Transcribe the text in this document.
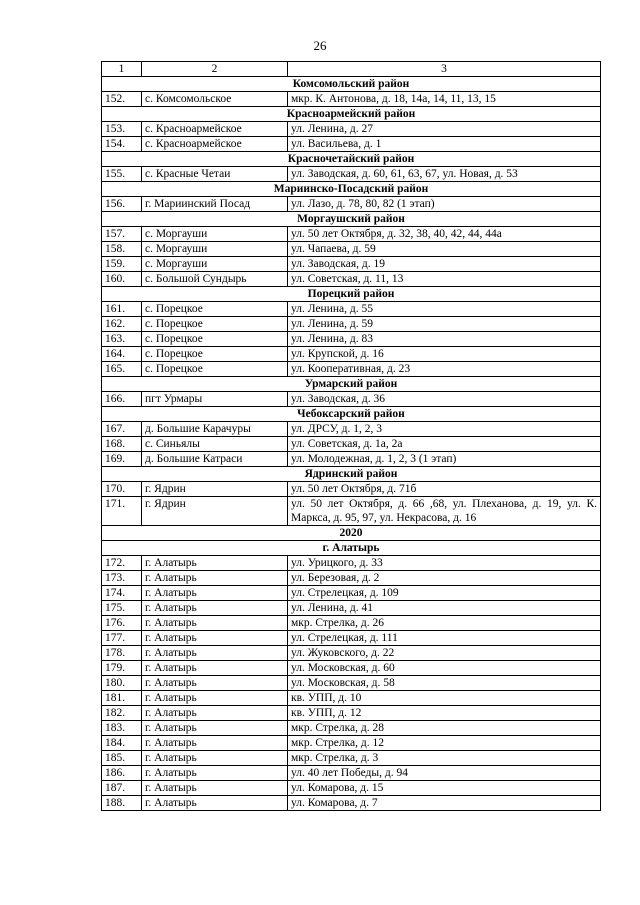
26
1	2	3
Комсомольский район		
152.	с. Комсомольское	мкр. К. Антонова, д. 18, 14а, 14, 11, 13, 15
Красноармейский район		
153.	с. Красноармейское	ул. Ленина, д. 27
154.	с. Красноармейское	ул. Васильева, д. 1
Красночетайский район		
155.	с. Красные Четаи	ул. Заводская, д. 60, 61, 63, 67, ул. Новая, д. 53
Мариинско-Посадский район		
156.	г. Мариинский Посад	ул. Лазо, д. 78, 80, 82 (1 этап)
Моргаушский район		
157.	с. Моргауши	ул. 50 лет Октября, д. 32, 38, 40, 42, 44, 44а
158.	с. Моргауши	ул. Чапаева, д. 59
159.	с. Моргауши	ул. Заводская, д. 19
160.	с. Большой Сундырь	ул. Советская, д. 11, 13
Порецкий район		
161.	с. Порецкое	ул. Ленина, д. 55
162.	с. Порецкое	ул. Ленина, д. 59
163.	с. Порецкое	ул. Ленина, д. 83
164.	с. Порецкое	ул. Крупской, д. 16
165.	с. Порецкое	ул. Кооперативная, д. 23
Урмарский район		
166.	пгт Урмары	ул. Заводская, д. 36
Чебоксарский район		
167.	д. Большие Карачуры	ул. ДРСУ, д. 1, 2, 3
168.	с. Синьялы	ул. Советская, д. 1а, 2а
169.	д. Большие Катраси	ул. Молодежная, д. 1, 2, 3 (1 этап)
Ядринский район		
170.	г. Ядрин	ул. 50 лет Октября, д. 71б
171.	г. Ядрин	ул. 50 лет Октября, д. 66 ,68, ул. Плеханова, д. 19, ул. К. Маркса, д. 95, 97, ул. Некрасова, д. 16
2020		
г. Алатырь		
172.	г. Алатырь	ул. Урицкого, д. 33
173.	г. Алатырь	ул. Березовая, д. 2
174.	г. Алатырь	ул. Стрелецкая, д. 109
175.	г. Алатырь	ул. Ленина, д. 41
176.	г. Алатырь	мкр. Стрелка, д. 26
177.	г. Алатырь	ул. Стрелецкая, д. 111
178.	г. Алатырь	ул. Жуковского, д. 22
179.	г. Алатырь	ул. Московская, д. 60
180.	г. Алатырь	ул. Московская, д. 58
181.	г. Алатырь	кв. УПП, д. 10
182.	г. Алатырь	кв. УПП, д. 12
183.	г. Алатырь	мкр. Стрелка, д. 28
184.	г. Алатырь	мкр. Стрелка, д. 12
185.	г. Алатырь	мкр. Стрелка, д. 3
186.	г. Алатырь	ул. 40 лет Победы, д. 94
187.	г. Алатырь	ул. Комарова, д. 15
188.	г. Алатырь	ул. Комарова, д. 7
